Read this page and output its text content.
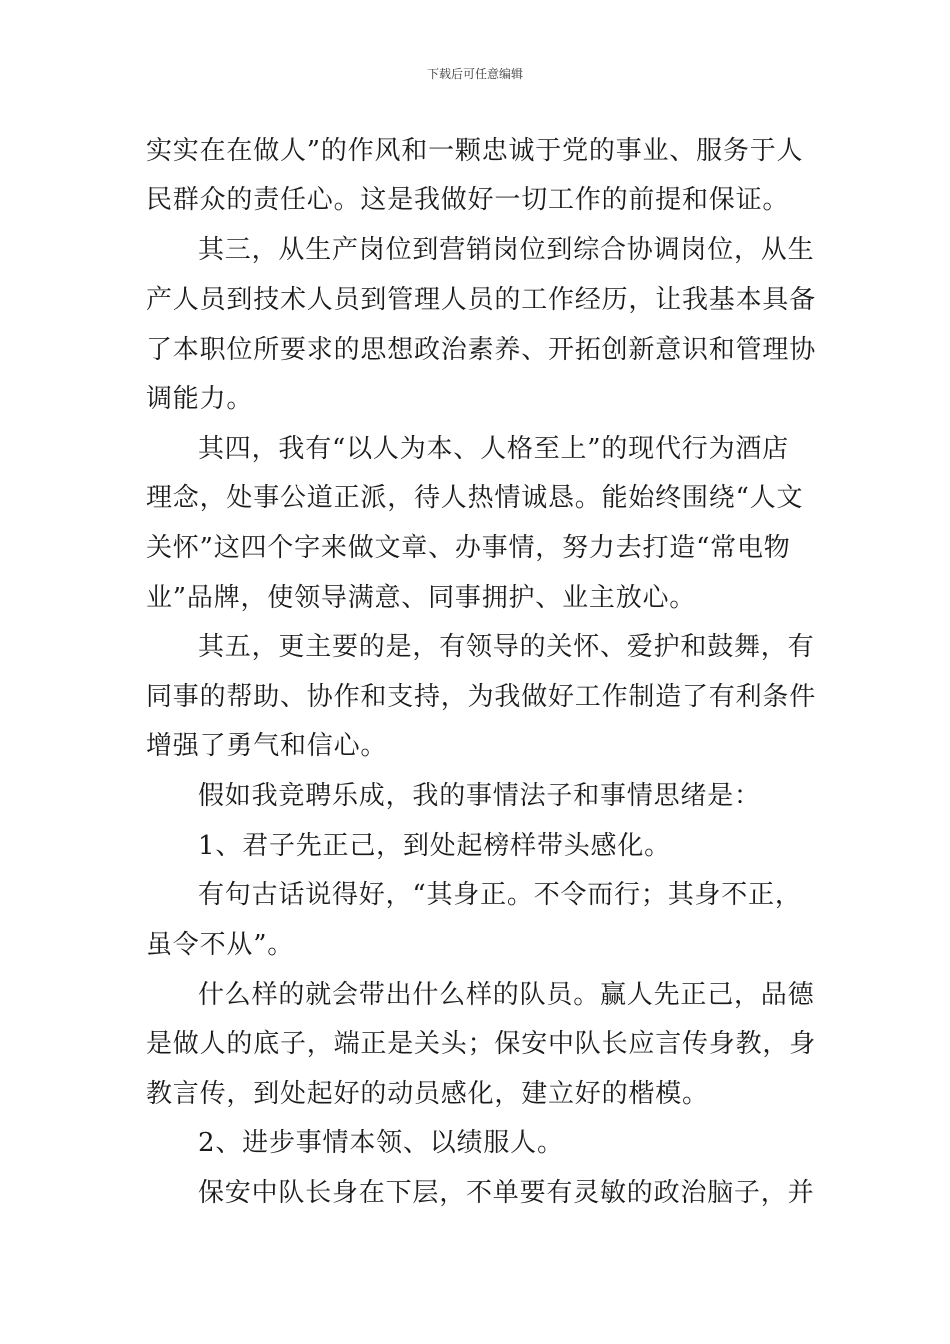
下载后可任意编辑
实实在在做人”的作风和一颗忠诚于党的事业、服务于人
民群众的责任心。这是我做好一切工作的前提和保证。
其三，从生产岗位到营销岗位到综合协调岗位，从生
产人员到技术人员到管理人员的工作经历，让我基本具备
了本职位所要求的思想政治素养、开拓创新意识和管理协
调能力。
其四，我有“以人为本、人格至上”的现代行为酒店
理念，处事公道正派，待人热情诚恳。能始终围绕“人文
关怀”这四个字来做文章、办事情，努力去打造“常电物
业”品牌，使领导满意、同事拥护、业主放心。
其五，更主要的是，有领导的关怀、爱护和鼓舞，有
同事的帮助、协作和支持，为我做好工作制造了有利条件
增强了勇气和信心。
假如我竞聘乐成，我的事情法子和事情思绪是：
1、君子先正己，到处起榜样带头感化。
有句古话说得好，“其身正。不令而行；其身不正，
虽令不从”。
什么样的就会带出什么样的队员。赢人先正己，品德
是做人的底子，端正是关头；保安中队长应言传身教，身
教言传，到处起好的动员感化，建立好的楷模。
2、进步事情本领、以绩服人。
保安中队长身在下层，不单要有灵敏的政治脑子，并
